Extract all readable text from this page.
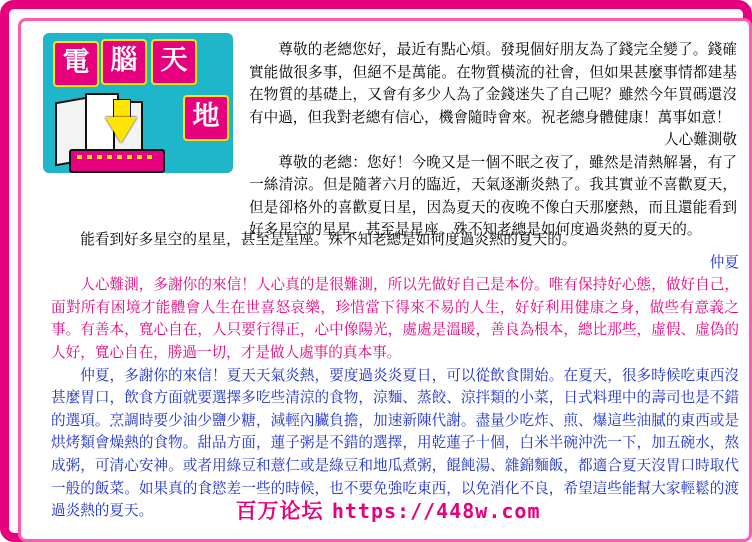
電 腦 天
地

尊敬的老總您好，最近有點心煩。發現個好朋友為了錢完全變了。錢確實能做很多事，但絕不是萬能。在物質橫流的社會，但如果甚麼事情都建基在物質的基礎上，又會有多少人為了金錢迷失了自己呢？雖然今年買碼還沒有中過，但我對老總有信心，機會隨時會來。祝老總身體健康！萬事如意！

人心難測敬

尊敬的老總：您好！今晚又是一個不眠之夜了，雖然是清熱解暑，有了一絲清涼。但是隨著六月的臨近，天氣逐漸炎熱了。我其實並不喜歡夏天，但是卻格外的喜歡夏日星，因為夏天的夜晚不像白天那麼熱，而且還能看到好多星空的星星，甚至是星座。殊不知老總是如何度過炎熱的夏天的。

能看到好多星空的星星，甚至是星座。殊不知老總是如何度過炎熱的夏天的。

仲夏

人心難測，多謝你的來信！人心真的是很難測，所以先做好自己是本份。唯有保持好心態，做好自己，面對所有困境才能體會人生在世喜怒哀樂，珍惜當下得來不易的人生，好好利用健康之身，做些有意義之事。有善本，寬心自在，人只要行得正，心中像陽光，處處是溫暖，善良為根本，總比那些，虛假、虛偽的人好，寬心自在，勝過一切，才是做人處事的真本事。

仲夏，多謝你的來信！夏天天氣炎熱，要度過炎炎夏日，可以從飲食開始。在夏天，很多時候吃東西沒甚麼胃口，飲食方面就要選擇多吃些清涼的食物，涼麵、蒸餃、涼拌類的小菜，日式料理中的壽司也是不錯的選項。烹調時要少油少鹽少糖，減輕內臟負擔，加速新陳代謝。盡量少吃炸、煎、爆這些油膩的東西或是烘烤類會燥熱的食物。甜品方面，蓮子粥是不錯的選擇，用乾蓮子十個，白米半碗沖洗一下，加五碗水，熬成粥，可清心安神。或者用綠豆和薏仁或是綠豆和地瓜煮粥，餛飩湯、雜錦麵飯，都適合夏天沒胃口時取代一般的飯菜。如果真的食慾差一些的時候，也不要免強吃東西，以免消化不良，希望這些能幫大家輕鬆的渡過炎熱的夏天。	百万论坛 https://448w.com
